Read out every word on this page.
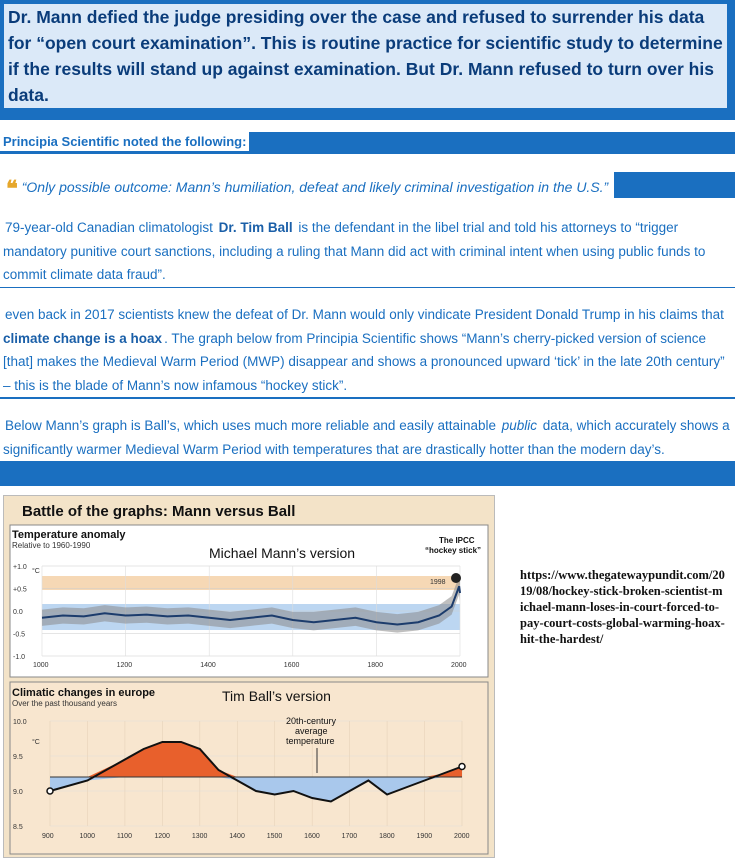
Dr. Mann defied the judge presiding over the case and refused to surrender his data for “open court examination”. This is routine practice for scientific study to determine if the results will stand up against examination. But Dr. Mann refused to turn over his data.
Principia Scientific noted the following:
❝ “Only possible outcome: Mann’s humiliation, defeat and likely criminal investigation in the U.S.”
79-year-old Canadian climatologist Dr. Tim Ball is the defendant in the libel trial and told his attorneys to “trigger mandatory punitive court sanctions, including a ruling that Mann did act with criminal intent when using public funds to commit climate data fraud”.
even back in 2017 scientists knew the defeat of Dr. Mann would only vindicate President Donald Trump in his claims that climate change is a hoax . The graph below from Principia Scientific shows “Mann’s cherry-picked version of science [that] makes the Medieval Warm Period (MWP) disappear and shows a pronounced upward ‘tick’ in the late 20th century” – this is the blade of Mann’s now infamous “hockey stick”.
Below Mann’s graph is Ball’s, which uses much more reliable and easily attainable public data, which accurately shows a significantly warmer Medieval Warm Period with temperatures that are drastically hotter than the modern day’s.
Battle of the graphs: Mann versus Ball
Temperature anomaly
Relative to 1960-1990	Michael Mann’s version
The IPCC “hockey stick”
1998
°C
+1.0
+0.5
0.0
-0.5
-1.0
1000	1200	1400	1600	1800	2000
Climatic changes in europe
Over the past thousand years	Tim Ball’s version
20th-century average temperature
°C
10.0
9.5
9.0
8.5
900	1000	1100	1200	1300	1400	1500	1600	1700	1800	1900	2000
https://www.thegatewaypundit.com/2019/08/hockey-stick-broken-scientist-michael-mann-loses-in-court-forced-to-pay-court-costs-global-warming-hoax-hit-the-hardest/
